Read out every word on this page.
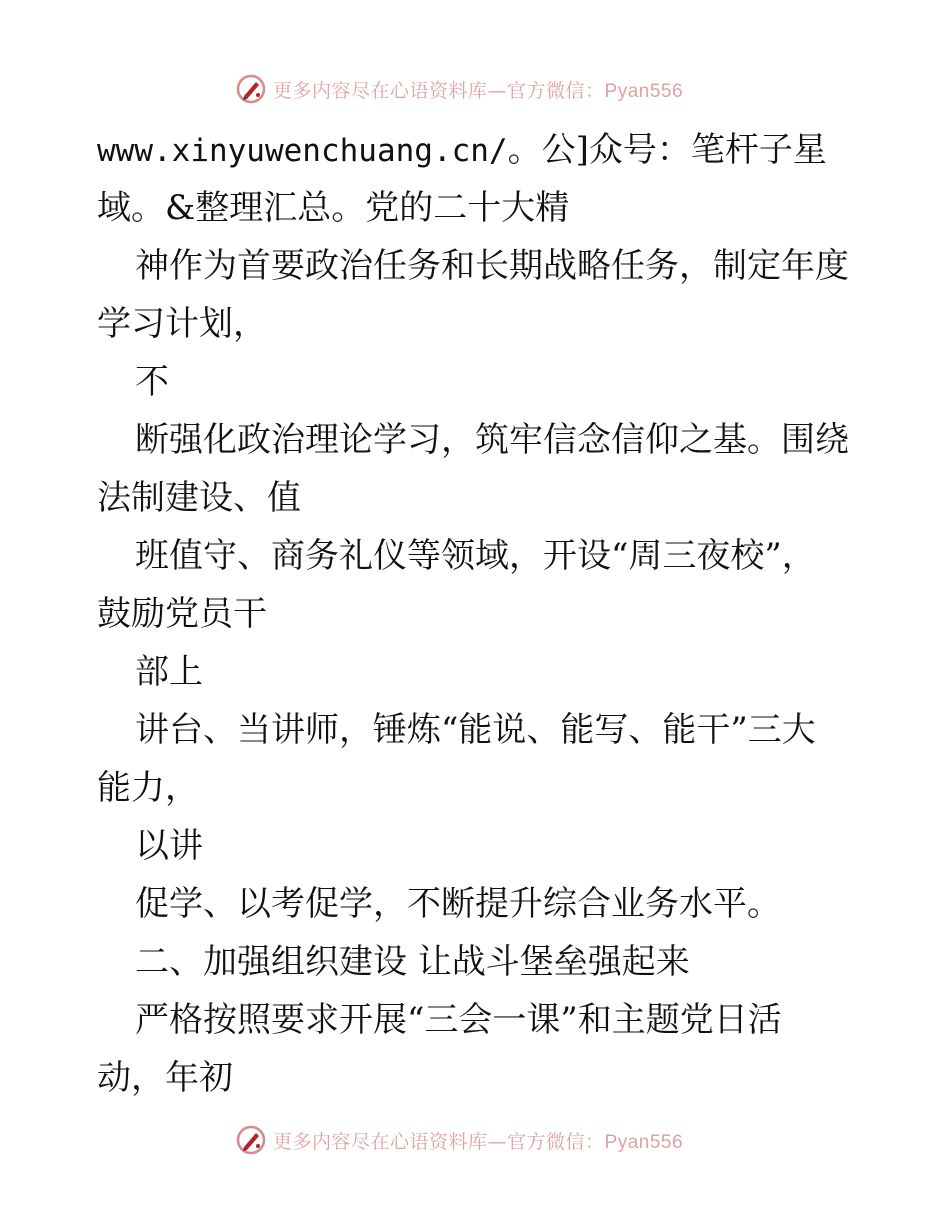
更多内容尽在心语资料库—官方微信：Pyan556
www.xinyuwenchuang.cn/。公]众号：笔杆子星
域。&整理汇总。党的二十大精
神作为首要政治任务和长期战略任务，制定年度
学习计划，
不
断强化政治理论学习，筑牢信念信仰之基。围绕
法制建设、值
班值守、商务礼仪等领域，开设“周三夜校”，
鼓励党员干
部上
讲台、当讲师，锤炼“能说、能写、能干”三大
能力，
以讲
促学、以考促学，不断提升综合业务水平。
二、加强组织建设 让战斗堡垒强起来
严格按照要求开展“三会一课”和主题党日活
动，年初
更多内容尽在心语资料库—官方微信：Pyan556
